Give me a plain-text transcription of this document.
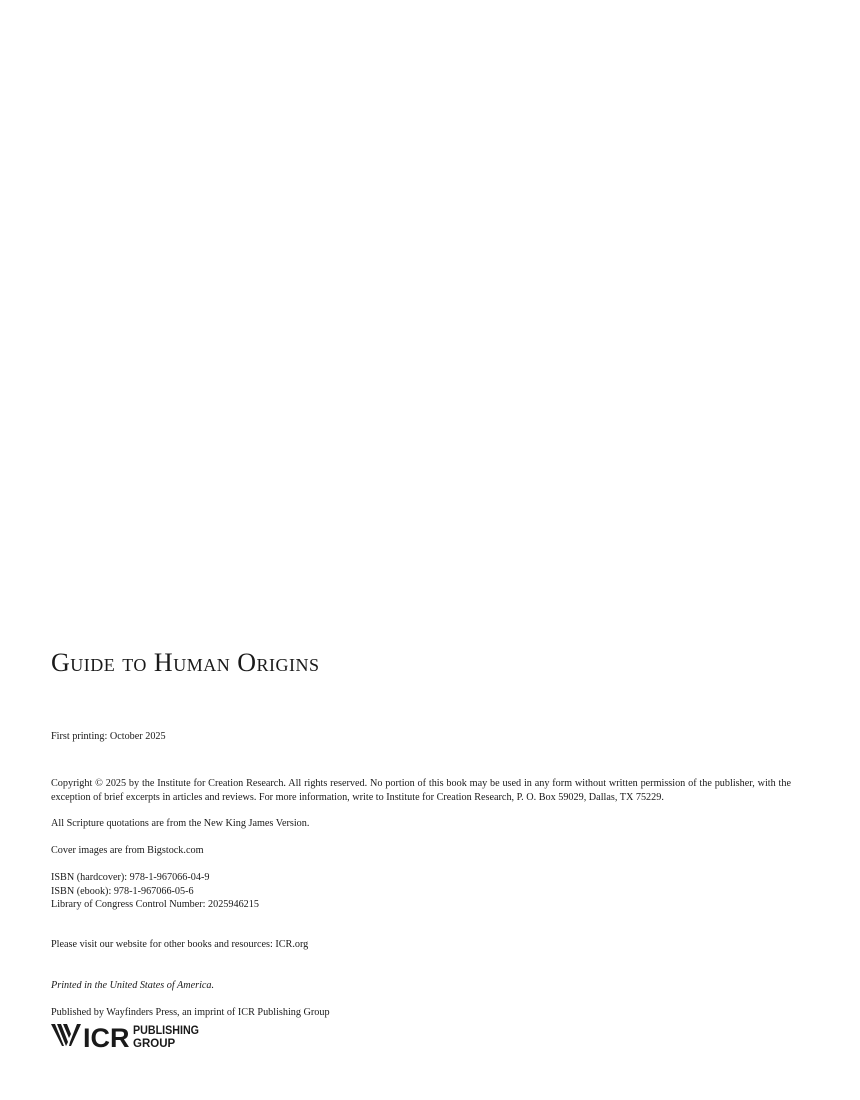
Guide to Human Origins
First printing: October 2025
Copyright © 2025 by the Institute for Creation Research. All rights reserved. No portion of this book may be used in any form without written permission of the publisher, with the exception of brief excerpts in articles and reviews. For more information, write to Institute for Creation Research, P. O. Box 59029, Dallas, TX 75229.
All Scripture quotations are from the New King James Version.
Cover images are from Bigstock.com
ISBN (hardcover): 978-1-967066-04-9
ISBN (ebook): 978-1-967066-05-6
Library of Congress Control Number: 2025946215
Please visit our website for other books and resources: ICR.org
Printed in the United States of America.
Published by Wayfinders Press, an imprint of ICR Publishing Group
ICR PUBLISHING
GROUP
